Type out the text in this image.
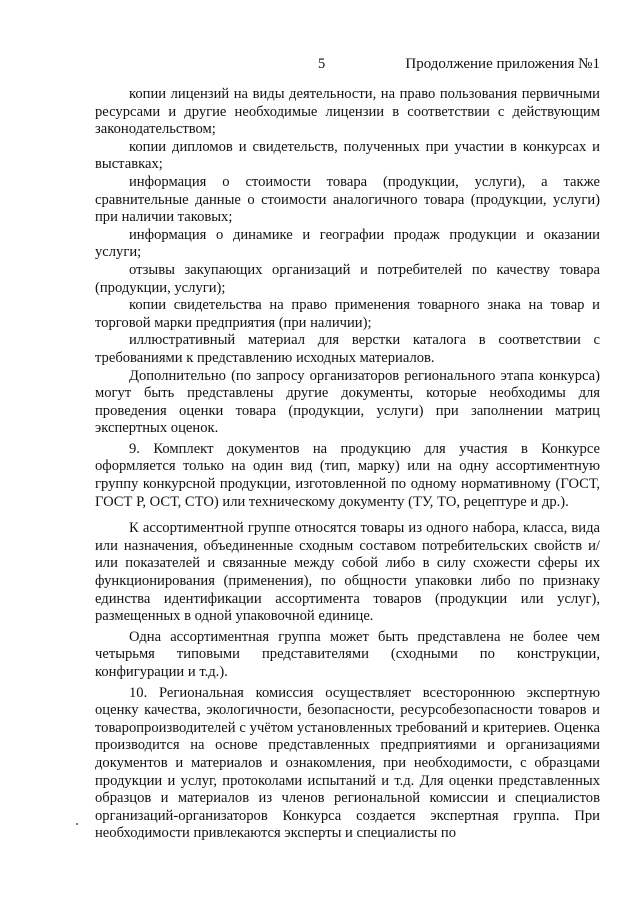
5	Продолжение приложения №1

копии лицензий на виды деятельности, на право пользования первичными ресурсами и другие необходимые лицензии в соответствии с действующим законодательством;

копии дипломов и свидетельств, полученных при участии в конкурсах и выставках;

информация о стоимости товара (продукции, услуги), а также сравнительные данные о стоимости аналогичного товара (продукции, услуги) при наличии таковых;

информация о динамике и географии продаж продукции и оказании услуги;

отзывы закупающих организаций и потребителей по качеству товара (продукции, услуги);

копии свидетельства на право применения товарного знака на товар и торговой марки предприятия (при наличии);

иллюстративный материал для верстки каталога в соответствии с требованиями к представлению исходных материалов.

Дополнительно (по запросу организаторов регионального этапа конкурса) могут быть представлены другие документы, которые необходимы для проведения оценки товара (продукции, услуги) при заполнении матриц экспертных оценок.

9. Комплект документов на продукцию для участия в Конкурсе оформляется только на один вид (тип, марку) или на одну ассортиментную группу конкурсной продукции, изготовленной по одному нормативному (ГОСТ, ГОСТ Р, ОСТ, СТО) или техническому документу (ТУ, ТО, рецептуре и др.).

К ассортиментной группе относятся товары из одного набора, класса, вида или назначения, объединенные сходным составом потребительских свойств и/или показателей и связанные между собой либо в силу схожести сферы их функционирования (применения), по общности упаковки либо по признаку единства идентификации ассортимента товаров (продукции или услуг), размещенных в одной упаковочной единице.

Одна ассортиментная группа может быть представлена не более чем четырьмя типовыми представителями (сходными по конструкции, конфигурации и т.д.).

10. Региональная комиссия осуществляет всестороннюю экспертную оценку качества, экологичности, безопасности, ресурсобезопасности товаров и товаропроизводителей с учётом установленных требований и критериев. Оценка производится на основе представленных предприятиями и организациями документов и материалов и ознакомления, при необходимости, с образцами продукции и услуг, протоколами испытаний и т.д. Для оценки представленных образцов и материалов из членов региональной комиссии и специалистов организаций-организаторов Конкурса создается экспертная группа. При необходимости привлекаются эксперты и специалисты по
